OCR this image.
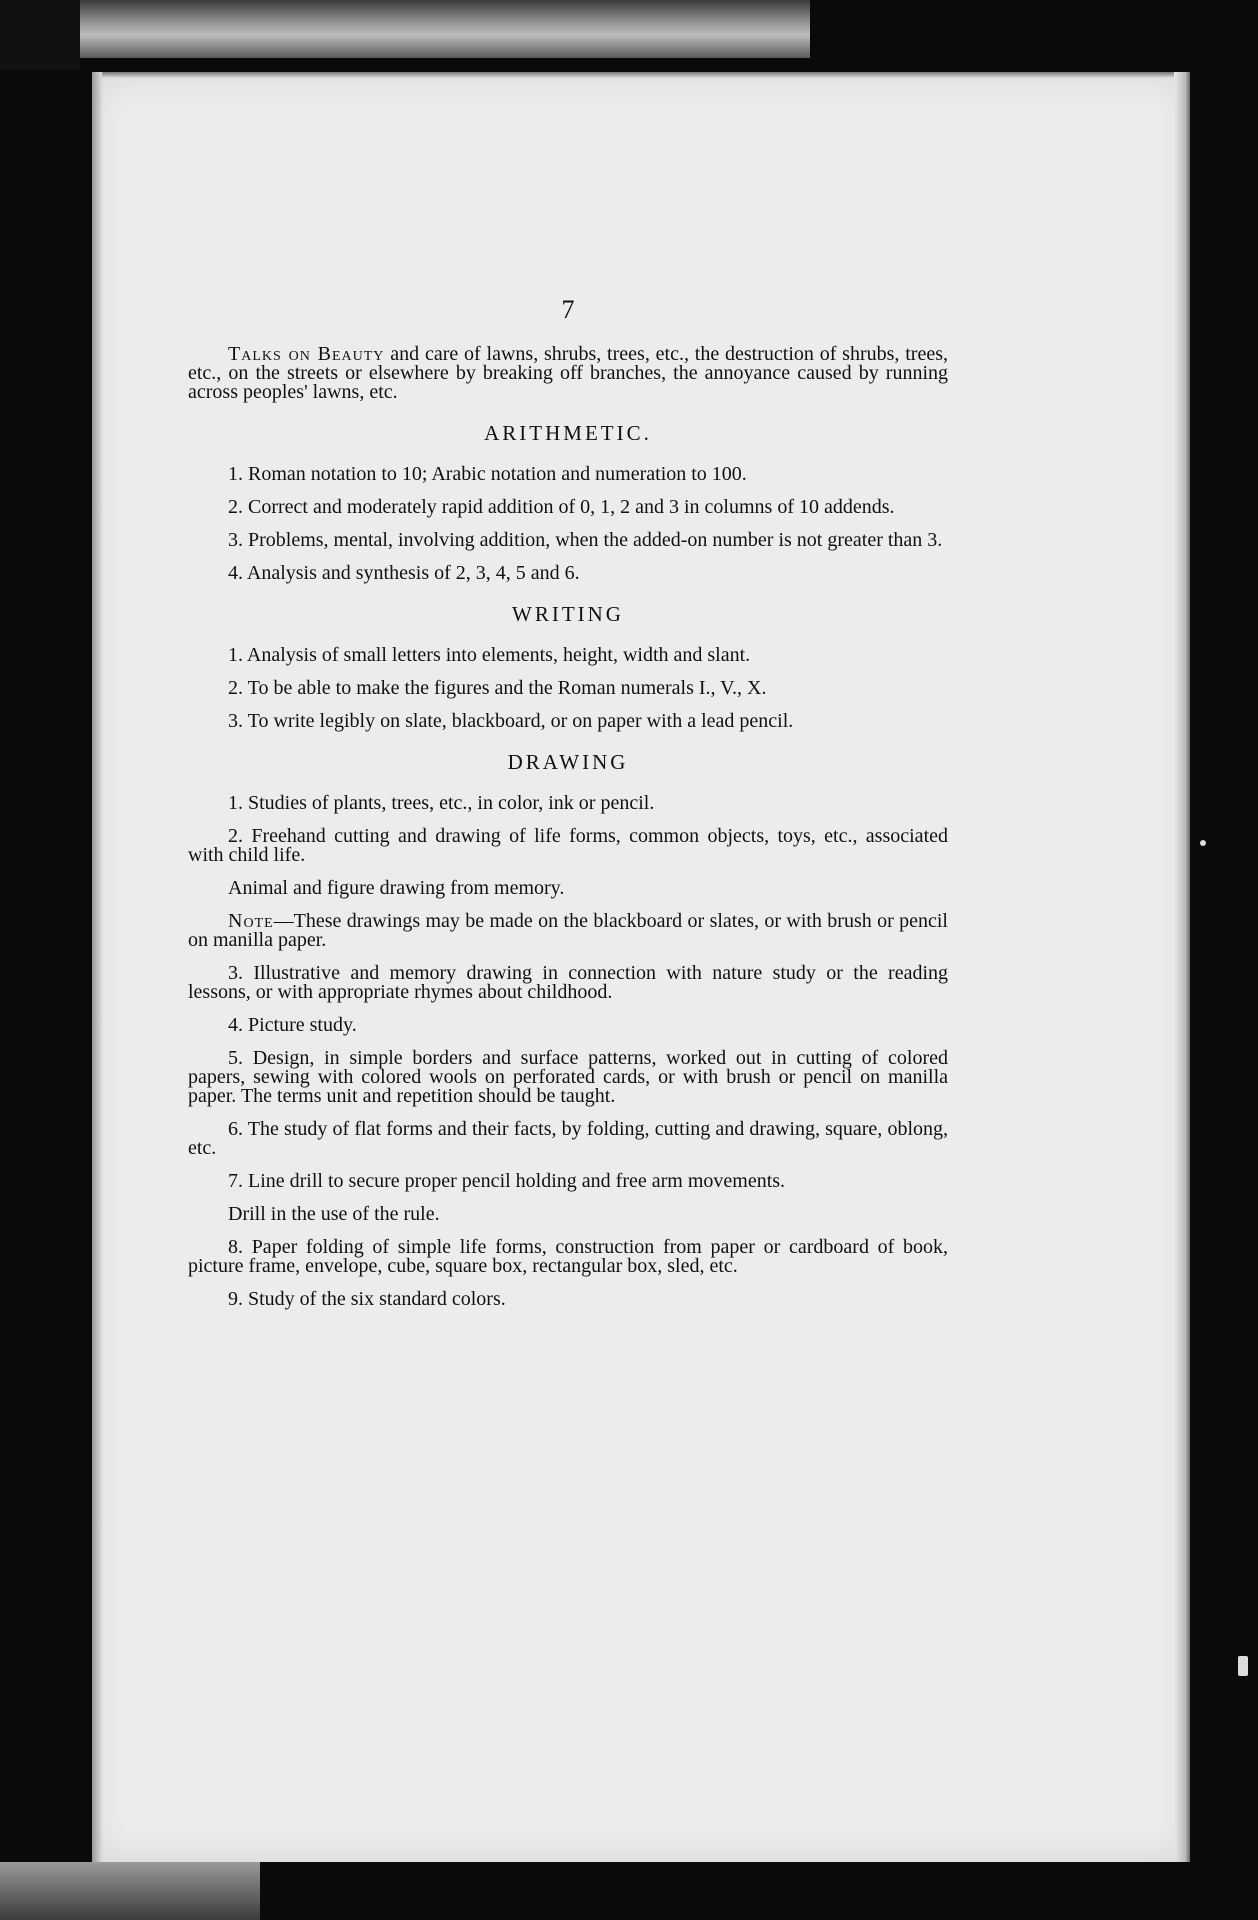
7

Talks on Beauty and care of lawns, shrubs, trees, etc., the destruction of shrubs, trees, etc., on the streets or elsewhere by breaking off branches, the annoyance caused by running across peoples' lawns, etc.

ARITHMETIC.

1. Roman notation to 10; Arabic notation and numeration to 100.

2. Correct and moderately rapid addition of 0, 1, 2 and 3 in columns of 10 addends.

3. Problems, mental, involving addition, when the added-on number is not greater than 3.

4. Analysis and synthesis of 2, 3, 4, 5 and 6.

WRITING

1. Analysis of small letters into elements, height, width and slant.

2. To be able to make the figures and the Roman numerals I., V., X.

3. To write legibly on slate, blackboard, or on paper with a lead pencil.

DRAWING

1. Studies of plants, trees, etc., in color, ink or pencil.

2. Freehand cutting and drawing of life forms, common objects, toys, etc., associated with child life.

Animal and figure drawing from memory.

Note—These drawings may be made on the blackboard or slates, or with brush or pencil on manilla paper.

3. Illustrative and memory drawing in connection with nature study or the reading lessons, or with appropriate rhymes about childhood.

4. Picture study.

5. Design, in simple borders and surface patterns, worked out in cutting of colored papers, sewing with colored wools on perforated cards, or with brush or pencil on manilla paper. The terms unit and repetition should be taught.

6. The study of flat forms and their facts, by folding, cutting and drawing, square, oblong, etc.

7. Line drill to secure proper pencil holding and free arm movements.

Drill in the use of the rule.

8. Paper folding of simple life forms, construction from paper or cardboard of book, picture frame, envelope, cube, square box, rectangular box, sled, etc.

9. Study of the six standard colors.
